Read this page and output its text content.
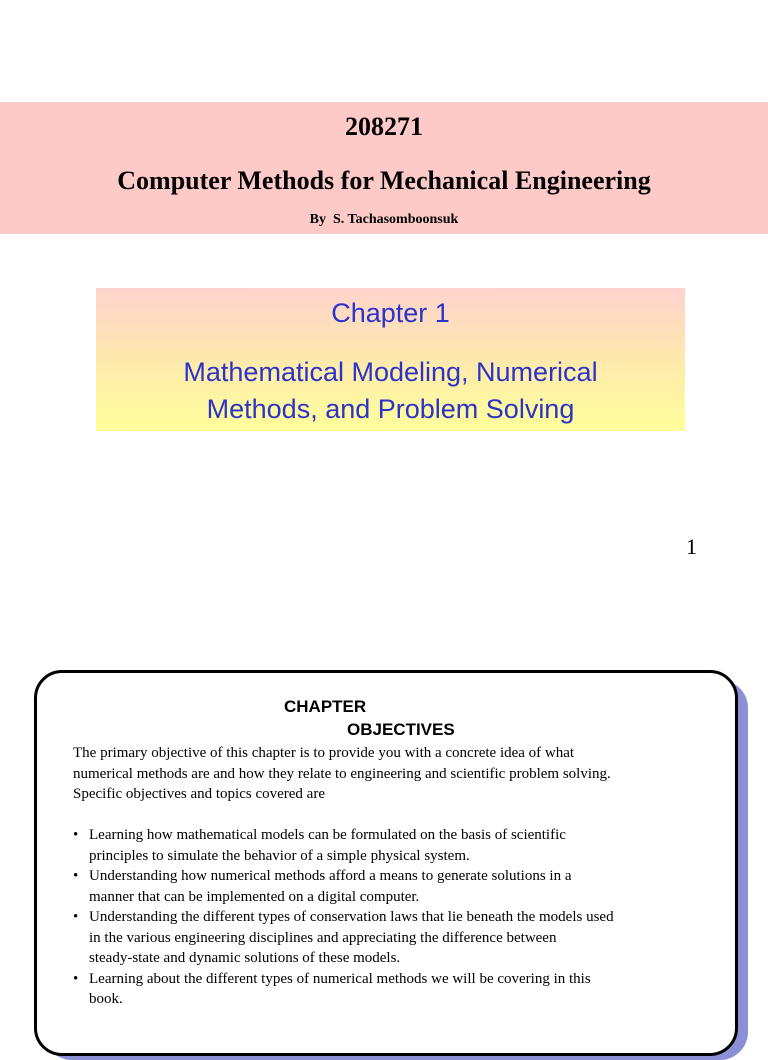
208271
Computer Methods for Mechanical Engineering
By S. Tachasomboonsuk
Chapter 1
Mathematical Modeling, Numerical
Methods, and Problem Solving
1
CHAPTER
OBJECTIVES
The primary objective of this chapter is to provide you with a concrete idea of what
numerical methods are and how they relate to engineering and scientific problem solving.
Specific objectives and topics covered are
• Learning how mathematical models can be formulated on the basis of scientific
principles to simulate the behavior of a simple physical system.
• Understanding how numerical methods afford a means to generate solutions in a
manner that can be implemented on a digital computer.
• Understanding the different types of conservation laws that lie beneath the models used
in the various engineering disciplines and appreciating the difference between
steady-state and dynamic solutions of these models.
• Learning about the different types of numerical methods we will be covering in this
book.
